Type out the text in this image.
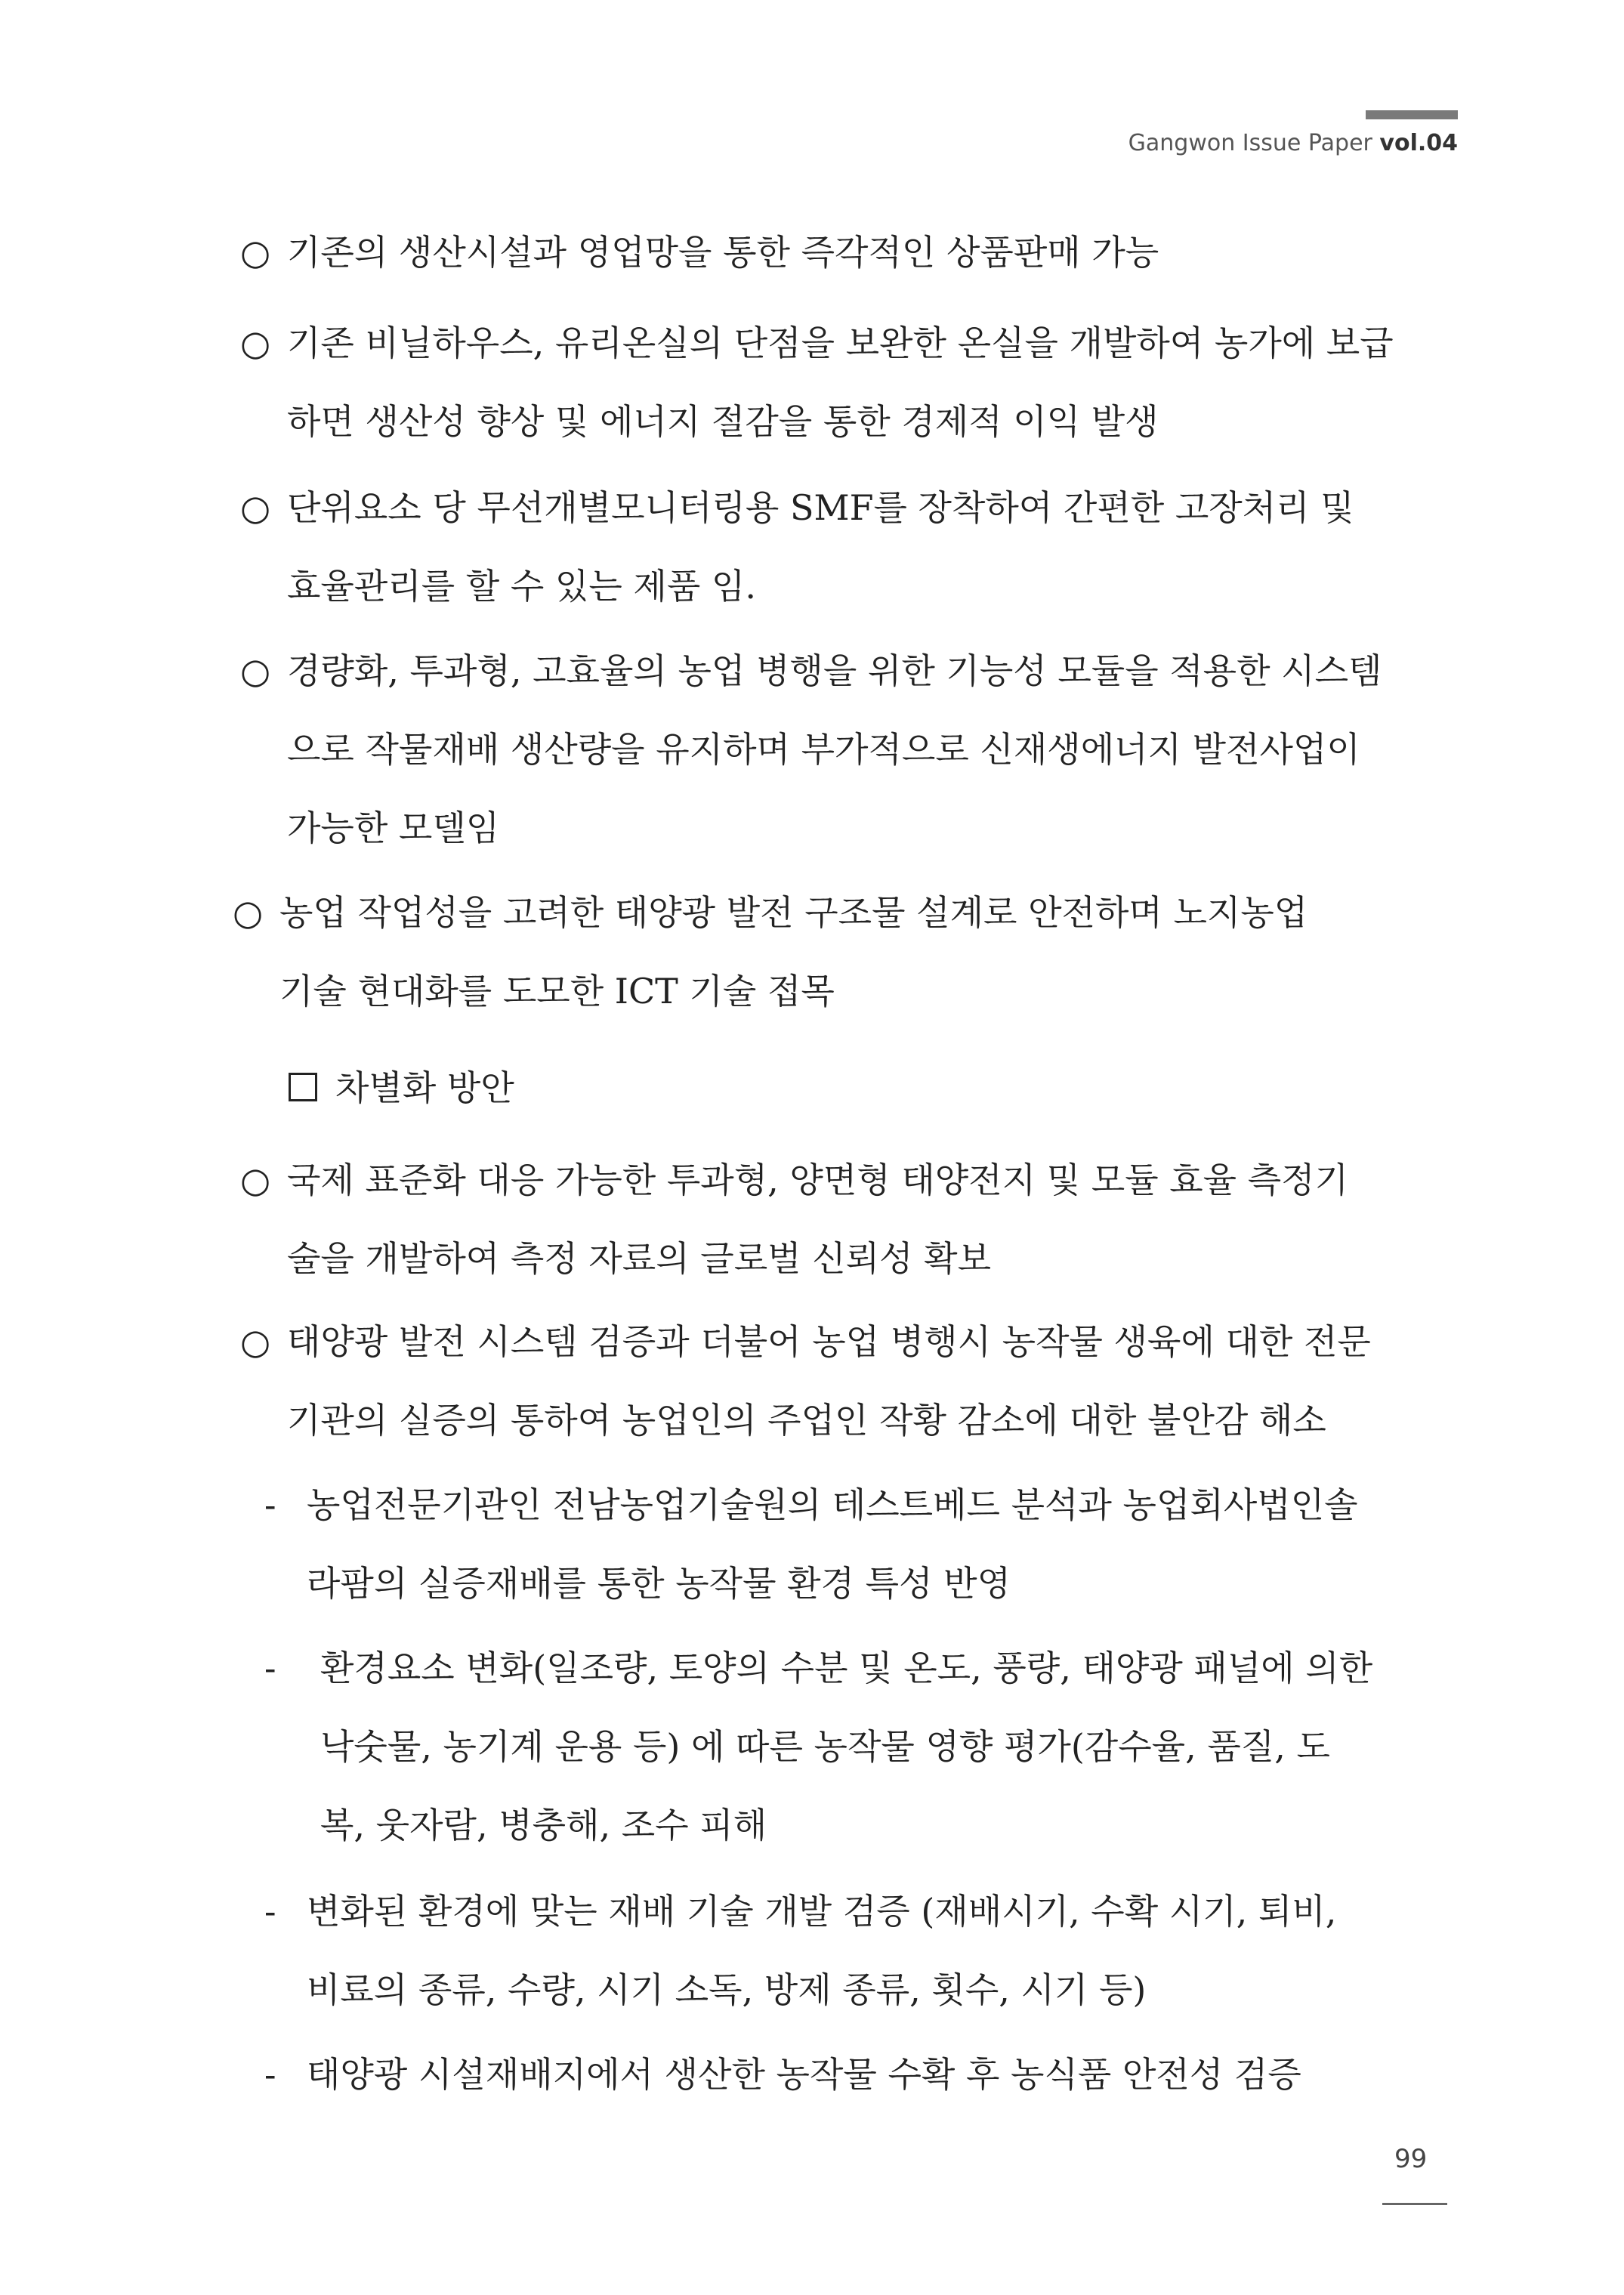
Gangwon Issue Paper vol.04
○ 기존의 생산시설과 영업망을 통한 즉각적인 상품판매 가능
○ 기존 비닐하우스, 유리온실의 단점을 보완한 온실을 개발하여 농가에 보급
하면 생산성 향상 및 에너지 절감을 통한 경제적 이익 발생
○ 단위요소 당 무선개별모니터링용 SMF를 장착하여 간편한 고장처리 및
효율관리를 할 수 있는 제품 임.
○ 경량화, 투과형, 고효율의 농업 병행을 위한 기능성 모듈을 적용한 시스템
으로 작물재배 생산량을 유지하며 부가적으로 신재생에너지 발전사업이
가능한 모델임
○ 농업 작업성을 고려한 태양광 발전 구조물 설계로 안전하며 노지농업
기술 현대화를 도모한 ICT 기술 접목
차별화 방안
○ 국제 표준화 대응 가능한 투과형, 양면형 태양전지 및 모듈 효율 측정기
술을 개발하여 측정 자료의 글로벌 신뢰성 확보
○ 태양광 발전 시스템 검증과 더불어 농업 병행시 농작물 생육에 대한 전문
기관의 실증의 통하여 농업인의 주업인 작황 감소에 대한 불안감 해소
- 농업전문기관인 전남농업기술원의 테스트베드 분석과 농업회사법인솔
라팜의 실증재배를 통한 농작물 환경 특성 반영
- 환경요소 변화(일조량, 토양의 수분 및 온도, 풍량, 태양광 패널에 의한
낙숫물, 농기계 운용 등) 에 따른 농작물 영향 평가(감수율, 품질, 도
복, 웃자람, 병충해, 조수 피해
- 변화된 환경에 맞는 재배 기술 개발 검증 (재배시기, 수확 시기, 퇴비,
비료의 종류, 수량, 시기 소독, 방제 종류, 횟수, 시기 등)
- 태양광 시설재배지에서 생산한 농작물 수확 후 농식품 안전성 검증
99
